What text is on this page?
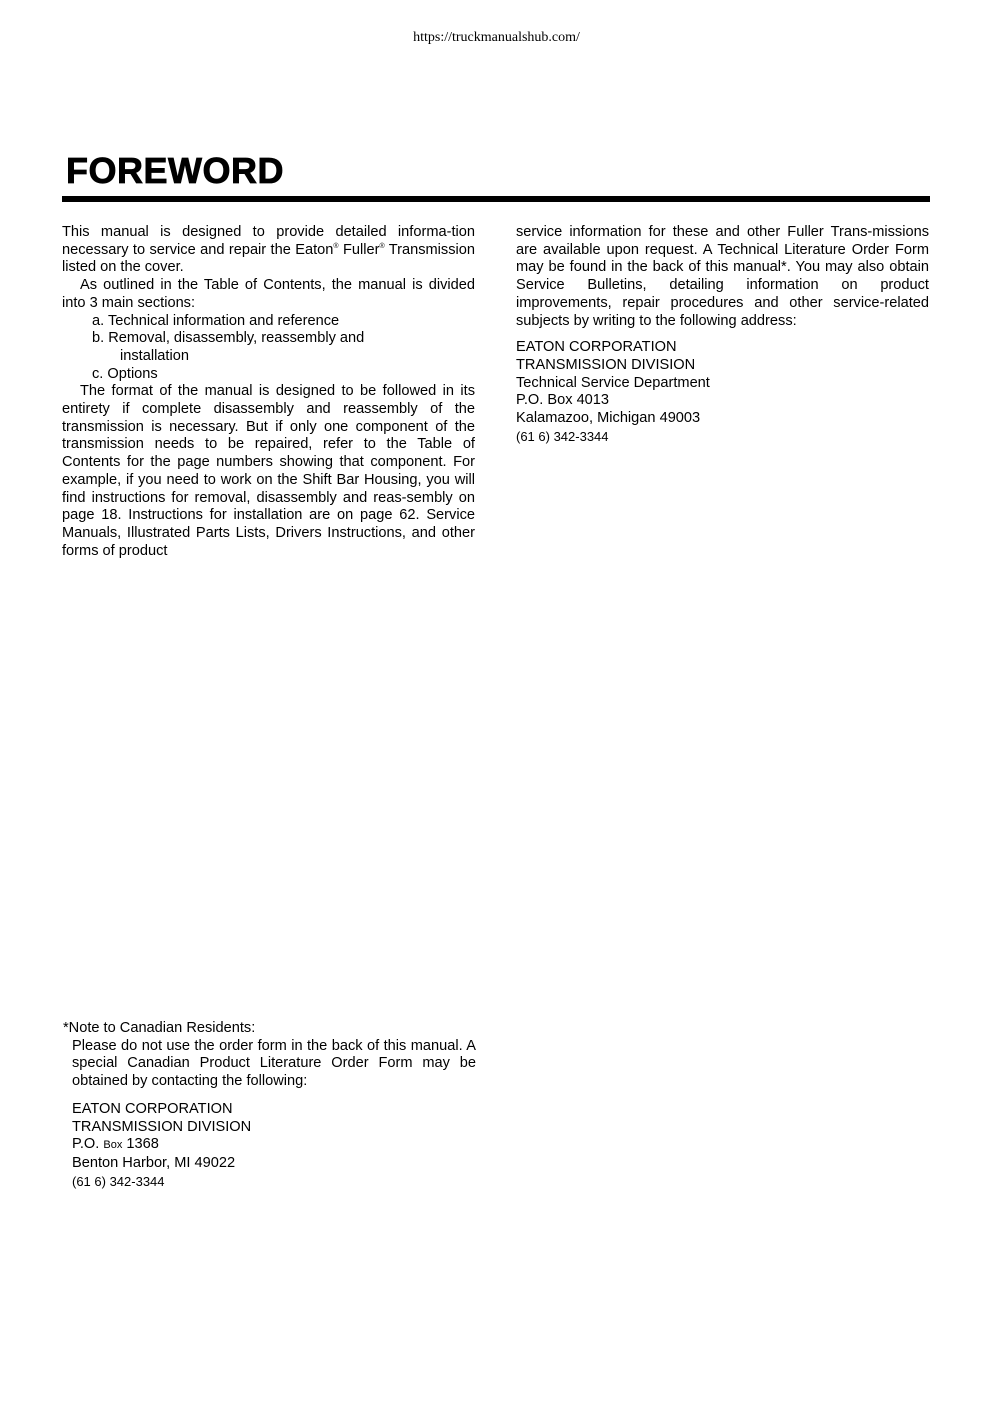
https://truckmanualshub.com/
FOREWORD

This manual is designed to provide detailed informa-tion necessary to service and repair the Eaton® Fuller® Transmission listed on the cover.

As outlined in the Table of Contents, the manual is divided into 3 main sections:

a. Technical information and reference
b. Removal, disassembly, reassembly and
installation
c. Options

The format of the manual is designed to be followed in its entirety if complete disassembly and reassembly of the transmission is necessary. But if only one component of the transmission needs to be repaired, refer to the Table of Contents for the page numbers showing that component. For example, if you need to work on the Shift Bar Housing, you will find instructions for removal, disassembly and reas-sembly on page 18. Instructions for installation are on page 62. Service Manuals, Illustrated Parts Lists, Drivers Instructions, and other forms of product

service information for these and other Fuller Trans-missions are available upon request. A Technical Literature Order Form may be found in the back of this manual*. You may also obtain Service Bulletins, detailing information on product improvements, repair procedures and other service-related subjects by writing to the following address:

EATON CORPORATION
TRANSMISSION DIVISION
Technical Service Department
P.O. Box 4013
Kalamazoo, Michigan 49003
(61 6) 342-3344
*Note to Canadian Residents:
Please do not use the order form in the back of this manual. A special Canadian Product Literature Order Form may be obtained by contacting the following:
EATON CORPORATION
TRANSMISSION DIVISION
P.O. Box 1368
Benton Harbor, MI 49022
(61 6) 342-3344
